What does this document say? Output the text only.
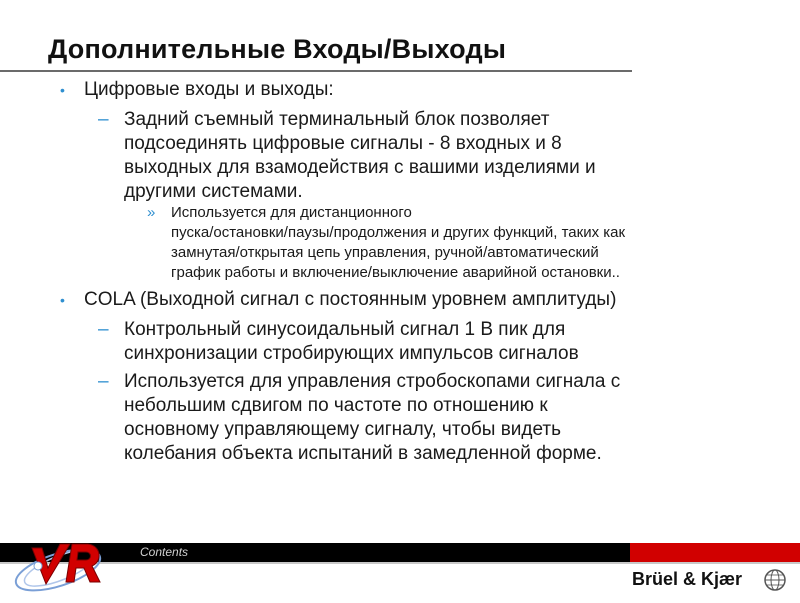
Дополнительные Входы/Выходы
• Цифровые входы и выходы:
– Задний съемный терминальный блок позволяет
подсоединять цифровые сигналы - 8 входных и 8
выходных для взамодействия с вашими изделиями и
другими системами.
» Используется для дистанционного
пуска/остановки/паузы/продолжения и других функций, таких как
замнутая/открытая цепь управления, ручной/автоматический
график работы и включение/выключение аварийной остановки..
• COLA (Выходной сигнал с постоянным уровнем амплитуды)
– Контрольный синусоидальный сигнал 1 В пик для
синхронизации стробирующих импульсов сигналов
– Используется для управления стробоскопами сигнала с
небольшим сдвигом по частоте по отношению к
основному управляющему сигналу, чтобы видеть
колебания объекта испытаний в замедленной форме.
Contents
Brüel & Kjær
